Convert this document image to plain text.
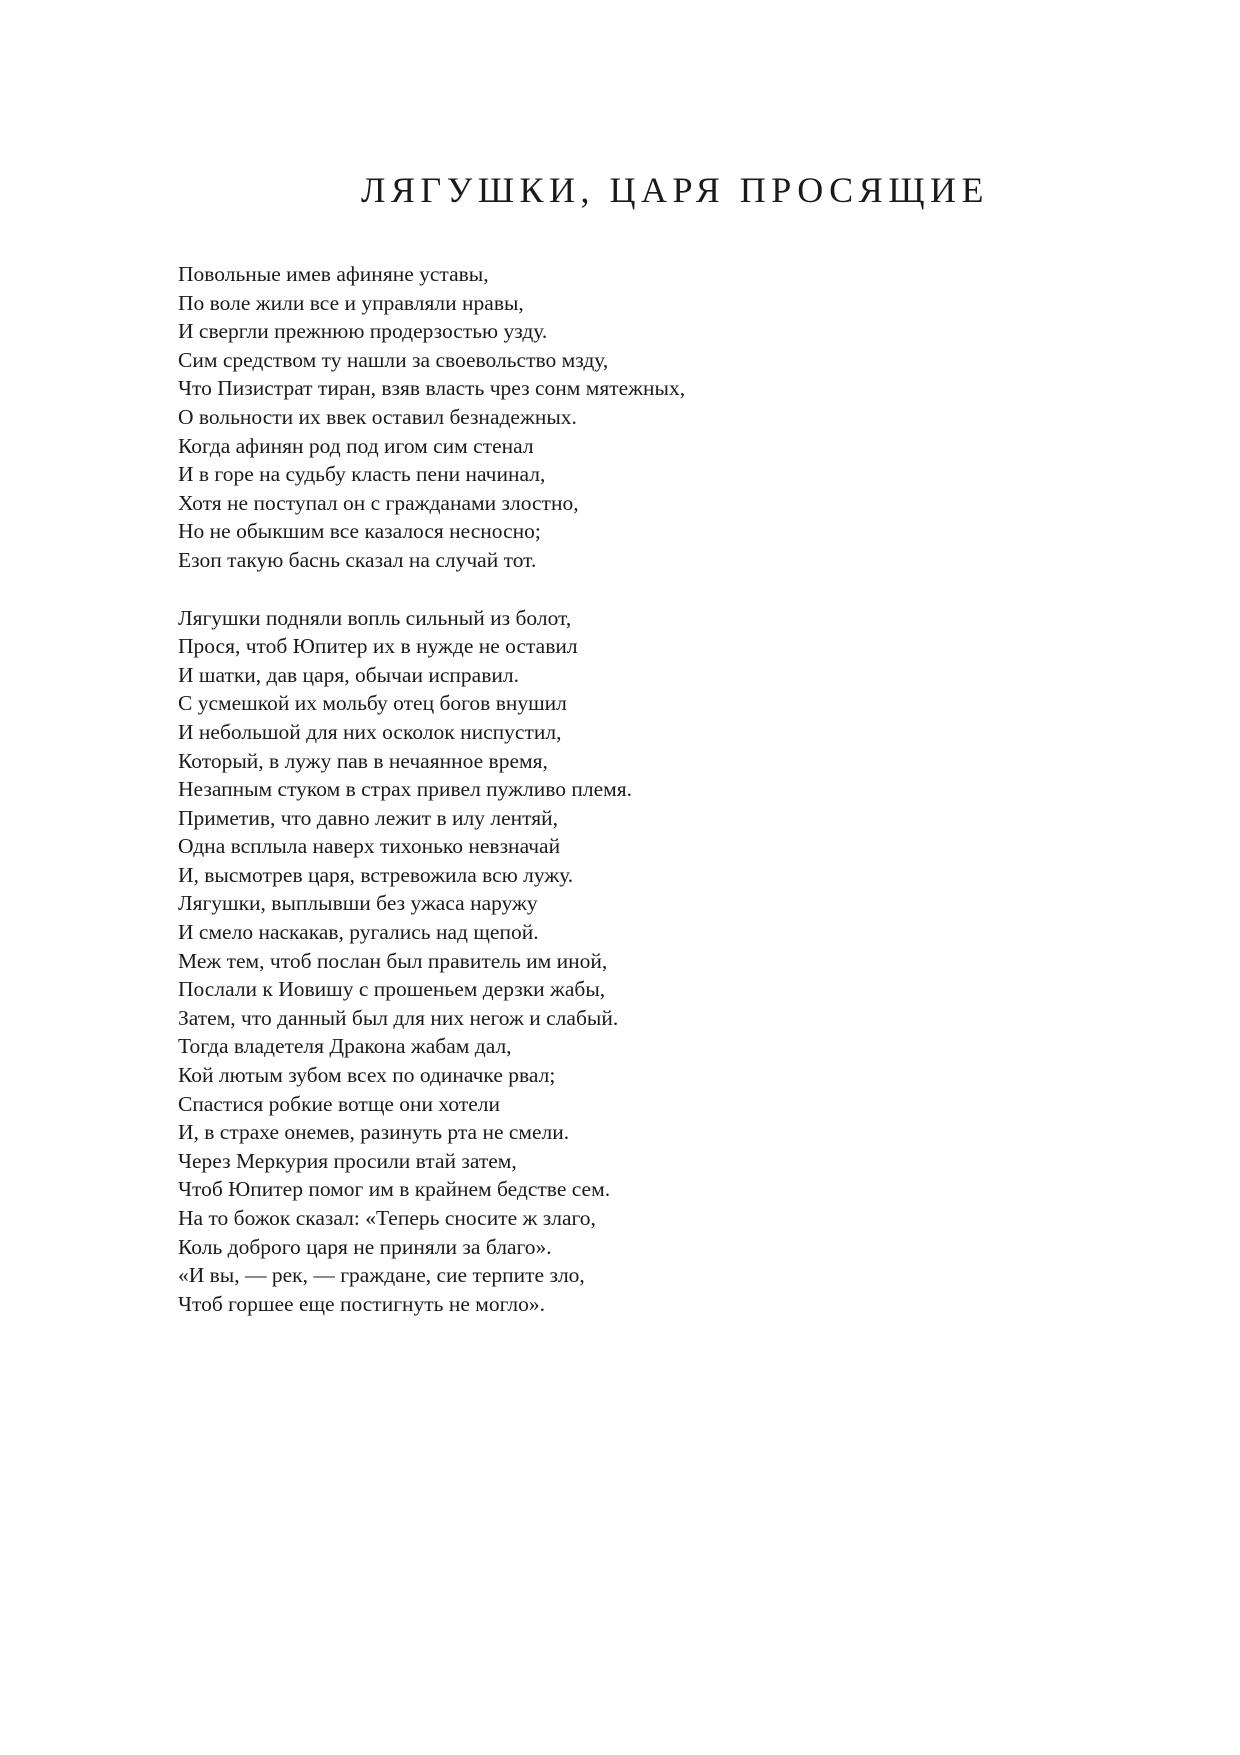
ЛЯГУШКИ, ЦАРЯ ПРОСЯЩИЕ
Повольные имев афиняне уставы,
По воле жили все и управляли нравы,
И свергли прежнюю продерзостью узду.
Сим средством ту нашли за своевольство мзду,
Что Пизистрат тиран, взяв власть чрез сонм мятежных,
О вольности их ввек оставил безнадежных.
Когда афинян род под игом сим стенал
И в горе на судьбу класть пени начинал,
Хотя не поступал он с гражданами злостно,
Но не обыкшим все казалося несносно;
Езоп такую баснь сказал на случай тот.
Лягушки подняли вопль сильный из болот,
Прося, чтоб Юпитер их в нужде не оставил
И шатки, дав царя, обычаи исправил.
С усмешкой их мольбу отец богов внушил
И небольшой для них осколок ниспустил,
Который, в лужу пав в нечаянное время,
Незапным стуком в страх привел пужливо племя.
Приметив, что давно лежит в илу лентяй,
Одна всплыла наверх тихонько невзначай
И, высмотрев царя, встревожила всю лужу.
Лягушки, выплывши без ужаса наружу
И смело наскакав, ругались над щепой.
Меж тем, чтоб послан был правитель им иной,
Послали к Иовишу с прошеньем дерзки жабы,
Затем, что данный был для них негож и слабый.
Тогда владетеля Дракона жабам дал,
Кой лютым зубом всех по одиначке рвал;
Спастися робкие вотще они хотели
И, в страхе онемев, разинуть рта не смели.
Через Меркурия просили втай затем,
Чтоб Юпитер помог им в крайнем бедстве сем.
На то божок сказал: «Теперь сносите ж злаго,
Коль доброго царя не приняли за благо».
«И вы, — рек, — граждане, сие терпите зло,
Чтоб горшее еще постигнуть не могло».
